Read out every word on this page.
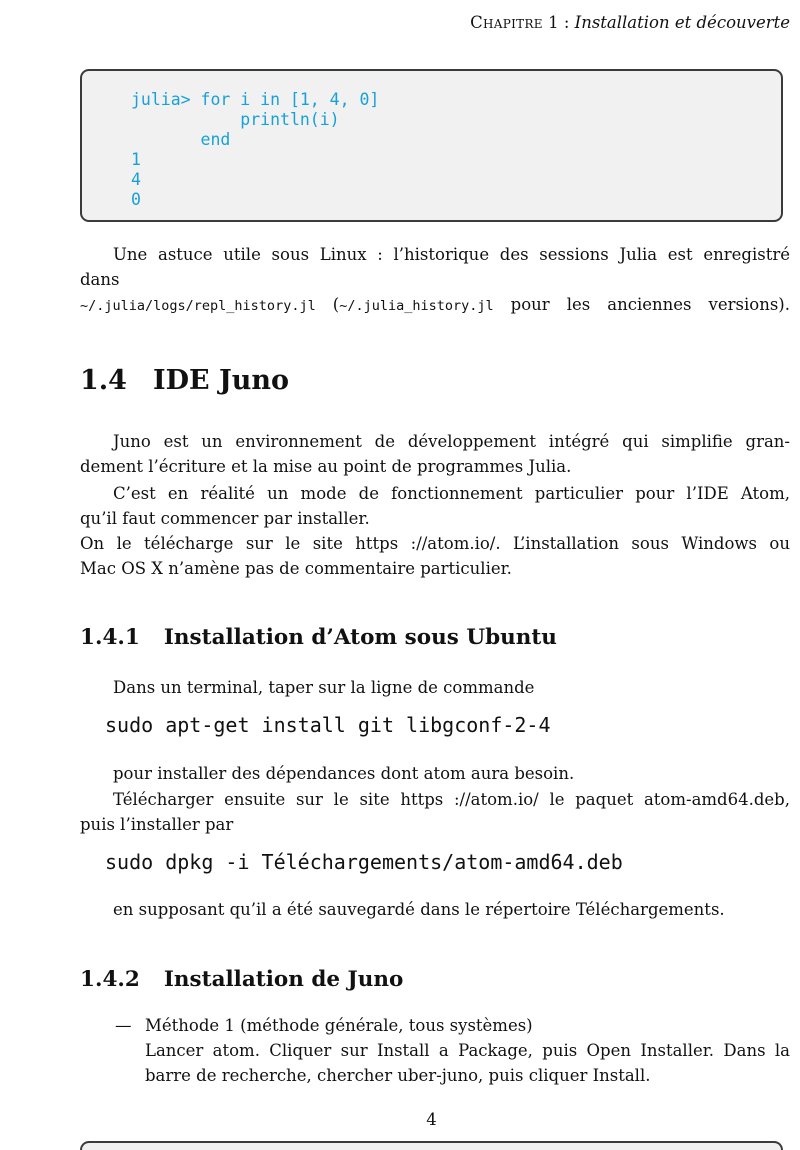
Chapitre 1 : Installation et découverte
julia> for i in [1, 4, 0]
println(i)
end
1
4
0
Une astuce utile sous Linux : l’historique des sessions Julia est enregistré
dans
~/.julia/logs/repl_history.jl (~/.julia_history.jl pour les anciennes versions).
1.4 IDE Juno
Juno est un environnement de développement intégré qui simplifie gran-
dement l’écriture et la mise au point de programmes Julia.
C’est en réalité un mode de fonctionnement particulier pour l’IDE Atom,
qu’il faut commencer par installer.
On le télécharge sur le site https ://atom.io/. L’installation sous Windows ou
Mac OS X n’amène pas de commentaire particulier.
1.4.1 Installation d’Atom sous Ubuntu
Dans un terminal, taper sur la ligne de commande
sudo apt-get install git libgconf-2-4
pour installer des dépendances dont atom aura besoin.
Télécharger ensuite sur le site https ://atom.io/ le paquet atom-amd64.deb,
puis l’installer par
sudo dpkg -i Téléchargements/atom-amd64.deb
en supposant qu’il a été sauvegardé dans le répertoire Téléchargements.
1.4.2 Installation de Juno
— Méthode 1 (méthode générale, tous systèmes)
Lancer atom. Cliquer sur Install a Package, puis Open Installer. Dans la
barre de recherche, chercher uber-juno, puis cliquer Install.
4
